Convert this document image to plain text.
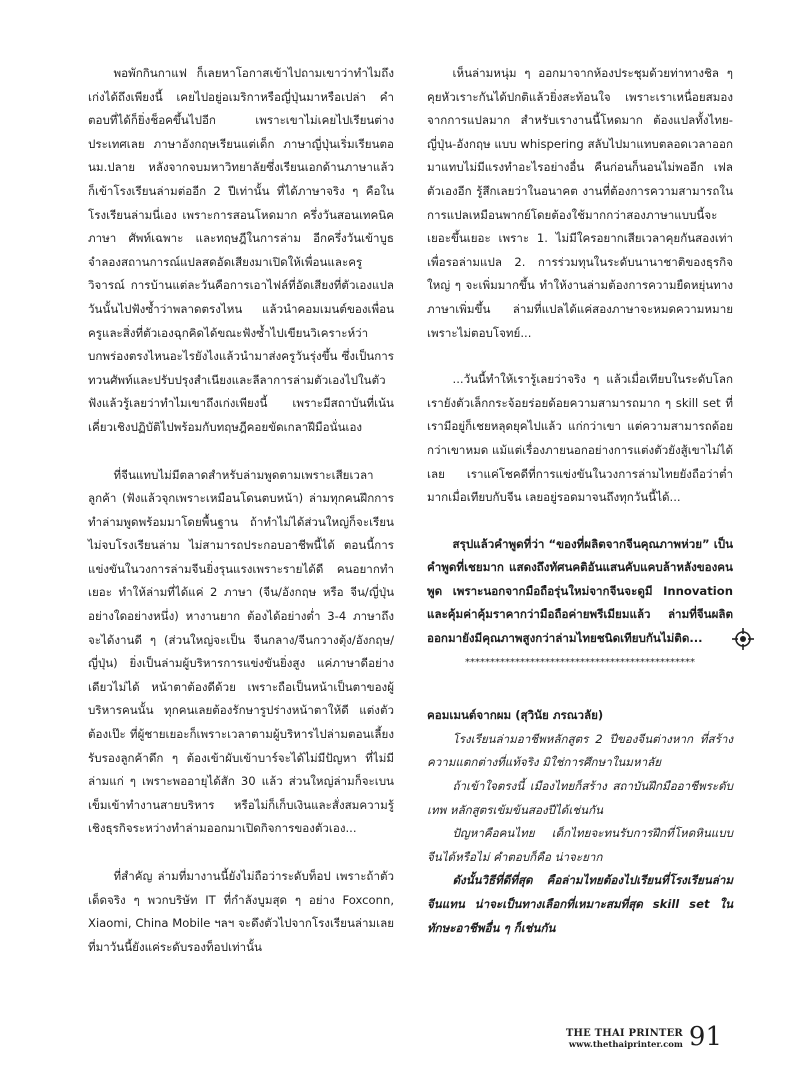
พอพักกินกาแฟ ก็เลยหาโอกาสเข้าไปถามเขาว่าทำไมถึงเก่งได้ถึงเพียงนี้ เคยไปอยู่อเมริกาหรือญี่ปุ่นมาหรือเปล่า คำตอบที่ได้ก็ยิ่งช็อคขึ้นไปอีก เพราะเขาไม่เคยไปเรียนต่างประเทศเลย ภาษาอังกฤษเรียนแต่เด็ก ภาษาญี่ปุ่นเริ่มเรียนตอนม.ปลาย หลังจากจบมหาวิทยาลัยซึ่งเรียนเอกด้านภาษาแล้ว ก็เข้าโรงเรียนล่ามต่ออีก 2 ปีเท่านั้น ที่ได้ภาษาจริง ๆ คือในโรงเรียนล่ามนี่เอง เพราะการสอนโหดมาก ครึ่งวันสอนเทคนิค ภาษา ศัพท์เฉพาะ และทฤษฎีในการล่าม อีกครึ่งวันเข้าบูธจำลองสถานการณ์แปลสดอัดเสียงมาเปิดให้เพื่อนและครูวิจารณ์ การบ้านแต่ละวันคือการเอาไฟล์ที่อัดเสียงที่ตัวเองแปลวันนั้นไปฟังซ้ำว่าพลาดตรงไหน แล้วนำคอมเมนต์ของเพื่อน ครูและสิ่งที่ตัวเองฉุกคิดได้ขณะฟังซ้ำไปเขียนวิเคราะห์ว่าบกพร่องตรงไหนอะไรยังไงแล้วนำมาส่งครูวันรุ่งขึ้น ซึ่งเป็นการทวนศัพท์และปรับปรุงสำเนียงและลีลาการล่ามตัวเองไปในตัว ฟังแล้วรู้เลยว่าทำไมเขาถึงเก่งเพียงนี้ เพราะมีสถาบันที่เน้นเคี่ยวเชิงปฏิบัติไปพร้อมกับทฤษฎีคอยขัดเกลาฝีมือนั่นเอง

ที่จีนแทบไม่มีตลาดสำหรับล่ามพูดตามเพราะเสียเวลาลูกค้า (ฟังแล้วจุกเพราะเหมือนโดนตบหน้า) ล่ามทุกคนฝึกการทำล่ามพูดพร้อมมาโดยพื้นฐาน ถ้าทำไม่ได้ส่วนใหญ่ก็จะเรียนไม่จบโรงเรียนล่าม ไม่สามารถประกอบอาชีพนี้ได้ ตอนนี้การแข่งขันในวงการล่ามจีนยิ่งรุนแรงเพราะรายได้ดี คนอยากทำเยอะ ทำให้ล่ามที่ได้แค่ 2 ภาษา (จีน/อังกฤษ หรือ จีน/ญี่ปุ่น อย่างใดอย่างหนึ่ง) หางานยาก ต้องได้อย่างต่ำ 3-4 ภาษาถึงจะได้งานดี ๆ (ส่วนใหญ่จะเป็น จีนกลาง/จีนกวางตุ้ง/อังกฤษ/ญี่ปุ่น) ยิ่งเป็นล่ามผู้บริหารการแข่งขันยิ่งสูง แค่ภาษาดีอย่างเดียวไม่ได้ หน้าตาต้องดีด้วย เพราะถือเป็นหน้าเป็นตาของผู้บริหารคนนั้น ทุกคนเลยต้องรักษารูปร่างหน้าตาให้ดี แต่งตัวต้องเป๊ะ ที่ผู้ชายเยอะก็เพราะเวลาตามผู้บริหารไปล่ามตอนเลี้ยงรับรองลูกค้าดึก ๆ ต้องเข้าผับเข้าบาร์จะได้ไม่มีปัญหา ที่ไม่มีล่ามแก่ ๆ เพราะพออายุได้สัก 30 แล้ว ส่วนใหญ่ล่ามก็จะเบนเข็มเข้าทำงานสายบริหาร หรือไม่ก็เก็บเงินและสั่งสมความรู้เชิงธุรกิจระหว่างทำล่ามออกมาเปิดกิจการของตัวเอง...

ที่สำคัญ ล่ามที่มางานนี้ยังไม่ถือว่าระดับท็อป เพราะถ้าตัวเด็ดจริง ๆ พวกบริษัท IT ที่กำลังบูมสุด ๆ อย่าง Foxconn, Xiaomi, China Mobile ฯลฯ จะดึงตัวไปจากโรงเรียนล่ามเลย ที่มาวันนี้ยังแค่ระดับรองท็อปเท่านั้น

เห็นล่ามหนุ่ม ๆ ออกมาจากห้องประชุมด้วยท่าทางชิล ๆ คุยหัวเราะกันได้ปกติแล้วยิ่งสะท้อนใจ เพราะเราเหนื่อยสมองจากการแปลมาก สำหรับเรางานนี้โหดมาก ต้องแปลทั้งไทย-ญี่ปุ่น-อังกฤษ แบบ whispering สลับไปมาแทบตลอดเวลาออกมาแทบไม่มีแรงทำอะไรอย่างอื่น คืนก่อนก็นอนไม่พออีก เฟลตัวเองอีก รู้สึกเลยว่าในอนาคต งานที่ต้องการความสามารถในการแปลเหมือนพากย์โดยต้องใช้มากกว่าสองภาษาแบบนี้จะเยอะขึ้นเยอะ เพราะ 1. ไม่มีใครอยากเสียเวลาคุยกันสองเท่าเพื่อรอล่ามแปล 2. การร่วมทุนในระดับนานาชาติของธุรกิจใหญ่ ๆ จะเพิ่มมากขึ้น ทำให้งานล่ามต้องการความยืดหยุ่นทางภาษาเพิ่มขึ้น ล่ามที่แปลได้แค่สองภาษาจะหมดความหมายเพราะไม่ตอบโจทย์...

...วันนี้ทำให้เรารู้เลยว่าจริง ๆ แล้วเมื่อเทียบในระดับโลก เรายังตัวเล็กกระจ้อยร่อยด้อยความสามารถมาก ๆ skill set ที่เรามีอยู่ก็เชยหลุดยุคไปแล้ว แก่กว่าเขา แต่ความสามารถด้อยกว่าเขาหมด แม้แต่เรื่องภายนอกอย่างการแต่งตัวยังสู้เขาไม่ได้เลย เราแค่โชคดีที่การแข่งขันในวงการล่ามไทยยังถือว่าต่ำมากเมื่อเทียบกับจีน เลยอยู่รอดมาจนถึงทุกวันนี้ได้...

สรุปแล้วคำพูดที่ว่า “ของที่ผลิตจากจีนคุณภาพห่วย” เป็นคำพูดที่เชยมาก แสดงถึงทัศนคติอันแสนคับแคบล้าหลังของคนพูด เพราะนอกจากมือถือรุ่นใหม่จากจีนจะดูมี Innovation และคุ้มค่าคุ้มราคากว่ามือถือค่ายพรีเมียมแล้ว ล่ามที่จีนผลิตออกมายังมีคุณภาพสูงกว่าล่ามไทยชนิดเทียบกันไม่ติด...

**********************************************

คอมเมนต์จากผม (สุวินัย ภรณวลัย)

โรงเรียนล่ามอาชีพหลักสูตร 2 ปีของจีนต่างหาก ที่สร้างความแตกต่างที่แท้จริง มิใช่การศึกษาในมหาลัย

ถ้าเข้าใจตรงนี้ เมืองไทยก็สร้าง สถาบันฝึกมืออาชีพระดับเทพ หลักสูตรเข้มข้นสองปีได้เช่นกัน

ปัญหาคือคนไทย เด็กไทยจะทนรับการฝึกที่โหดหินแบบจีนได้หรือไม่ คำตอบก็คือ น่าจะยาก

ดังนั้นวิธีที่ดีที่สุด คือล่ามไทยต้องไปเรียนที่โรงเรียนล่ามจีนแทน น่าจะเป็นทางเลือกที่เหมาะสมที่สุด skill set ในทักษะอาชีพอื่น ๆ ก็เช่นกัน

THE THAI PRINTER
www.thethaiprinter.com 91
